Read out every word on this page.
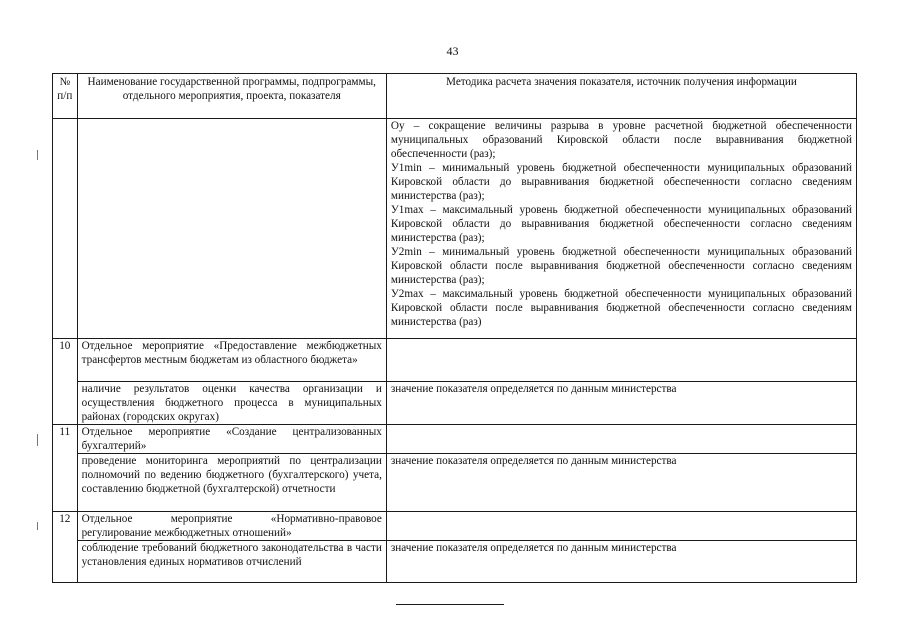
43
№ п/п	Наименование государственной программы, подпрограммы, отдельного мероприятия, проекта, показателя	Методика расчета значения показателя, источник получения информации

		Оу – сокращение величины разрыва в уровне расчетной бюджетной обеспеченности муниципальных образований Кировской области после выравнивания бюджетной обеспеченности (раз);

У1min – минимальный уровень бюджетной обеспеченности муниципальных образований Кировской области до выравнивания бюджетной обеспеченности согласно сведениям министерства (раз);

У1max – максимальный уровень бюджетной обеспеченности муниципальных образований Кировской области до выравнивания бюджетной обеспеченности согласно сведениям министерства (раз);

У2min – минимальный уровень бюджетной обеспеченности муниципальных образований Кировской области после выравнивания бюджетной обеспеченности согласно сведениям министерства (раз);

У2max – максимальный уровень бюджетной обеспеченности муниципальных образований Кировской области после выравнивания бюджетной обеспеченности согласно сведениям министерства (раз)

10	Отдельное мероприятие «Предоставление межбюджетных трансфертов местным бюджетам из областного бюджета»	
	наличие результатов оценки качества организации и осуществления бюджетного процесса в муниципальных районах (городских округах)	значение показателя определяется по данным министерства
11	Отдельное мероприятие «Создание централизованных бухгалтерий»	
	проведение мониторинга мероприятий по централизации полномочий по ведению бюджетного (бухгалтерского) учета, составлению бюджетной (бухгалтерской) отчетности	значение показателя определяется по данным министерства
12	Отдельное мероприятие «Нормативно-правовое регулирование межбюджетных отношений»	
	соблюдение требований бюджетного законодательства в части установления единых нормативов отчислений	значение показателя определяется по данным министерства
